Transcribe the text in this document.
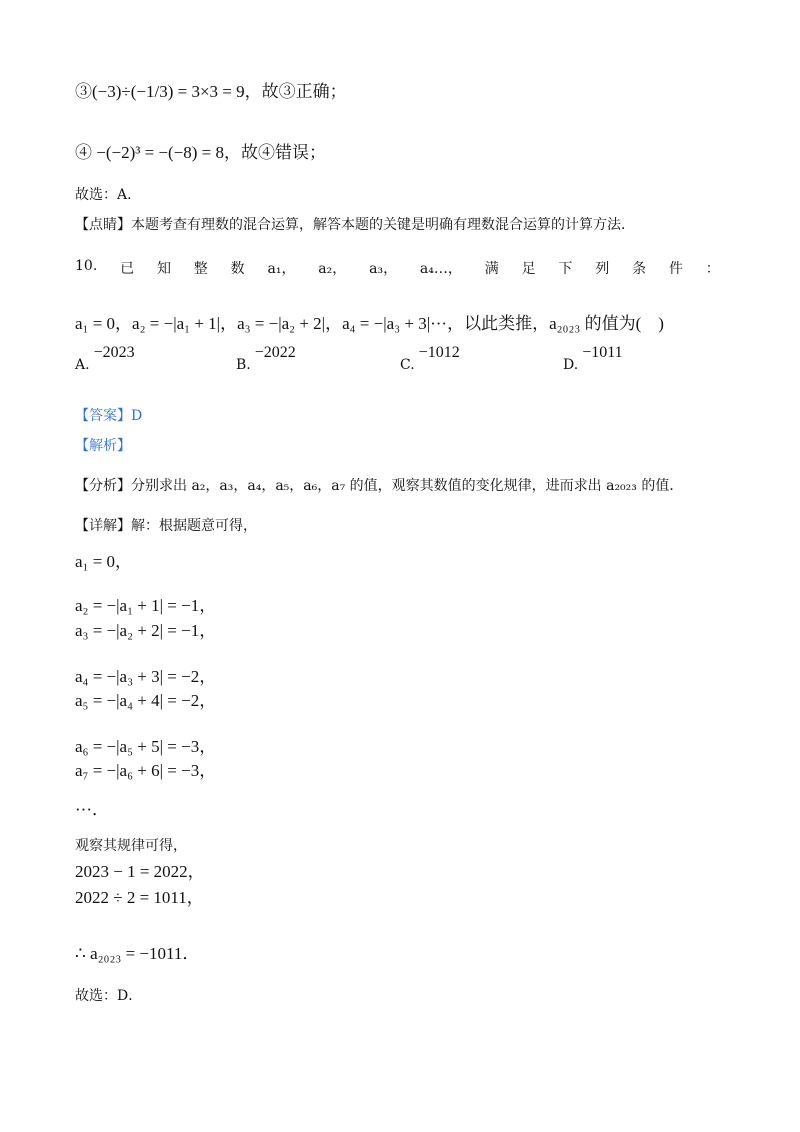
③(−3)÷(−1/3) = 3×3 = 9，故③正确；
④ −(−2)³ = −(−8) = 8，故④错误；
故选：A．
【点睛】本题考查有理数的混合运算，解答本题的关键是明确有理数混合运算的计算方法．
10. 已 知 整 数 a₁， a₂， a₃， a₄…， 满 足 下 列 条 件 ：
a₁ = 0，a₂ = −|a₁ + 1|，a₃ = −|a₂ + 2|，a₄ = −|a₃ + 3|···，以此类推，a₂₀₂₃ 的值为(　)
A.−2023
B.−2022
C.−1012
D.−1011
【答案】D
【解析】
【分析】分别求出 a₂，a₃，a₄，a₅，a₆，a₇ 的值，观察其数值的变化规律，进而求出 a₂₀₂₃ 的值．
【详解】解：根据题意可得，
a₁ = 0，
a₂ = −|a₁ + 1| = −1，
a₃ = −|a₂ + 2| = −1，
a₄ = −|a₃ + 3| = −2，
a₅ = −|a₄ + 4| = −2，
a₆ = −|a₅ + 5| = −3，
a₇ = −|a₆ + 6| = −3，
···．
观察其规律可得，
2023 − 1 = 2022，
2022 ÷ 2 = 1011，
∴ a₂₀₂₃ = −1011．
故选：D．
